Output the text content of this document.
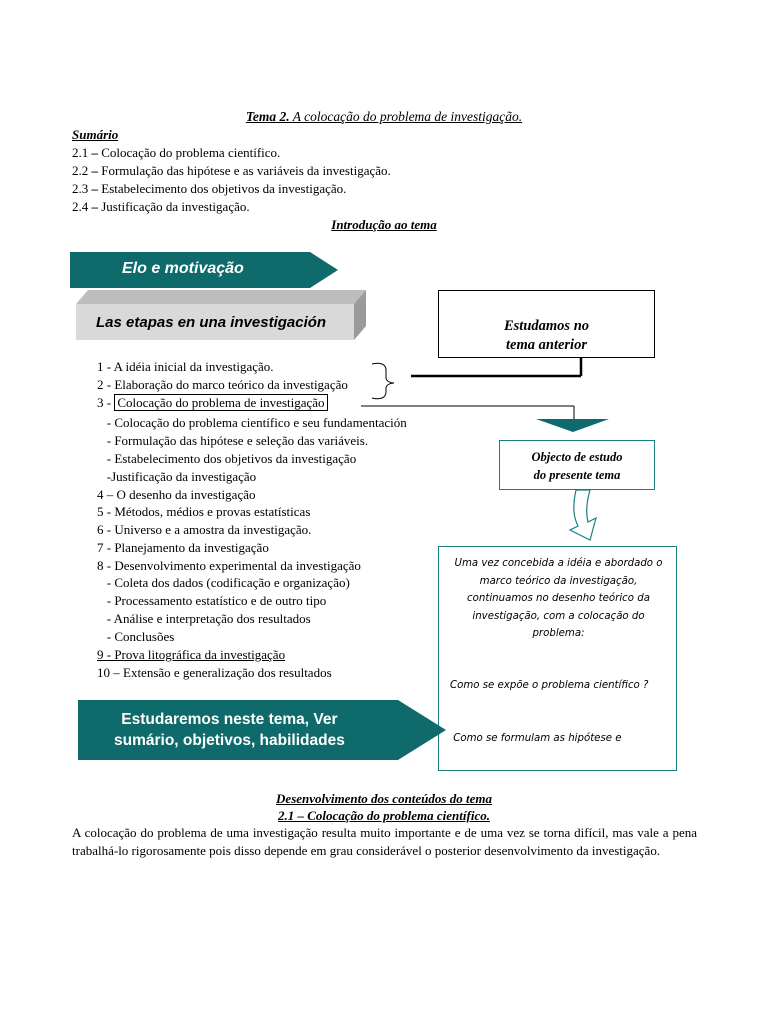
Tema 2. A colocação do problema de investigação.
Sumário
2.1 – Colocação do problema científico.
2.2 – Formulação das hipótese e as variáveis da investigação.
2.3 – Estabelecimento dos objetivos da investigação.
2.4 – Justificação da investigação.
Introdução ao tema
Elo e motivação
Las etapas en una investigación	Estudamos no
tema anterior
Objecto de estudo
do presente tema
1 - A idéia inicial da investigação.
2 - Elaboração do marco teórico da investigação
3 - Colocação do problema de investigação
- Colocação do problema científico e seu fundamentación
- Formulação das hipótese e seleção das variáveis.
- Estabelecimento dos objetivos da investigação
-Justificação da investigação
4 – O desenho da investigação
5 - Métodos, médios e provas estatísticas
6 - Universo e a amostra da investigação.
7 - Planejamento da investigação
8 - Desenvolvimento experimental da investigação
- Coleta dos dados (codificação e organização)
- Processamento estatístico e de outro tipo
- Análise e interpretação dos resultados
- Conclusões
9 - Prova litográfica da investigação
10 – Extensão e generalização dos resultados
Uma vez concebida a idéia e abordado o
marco teórico da investigação,
continuamos no desenho teórico da
investigação, com a colocação do
problema:

Como se expõe o problema científico ?

Como se formulam as hipótese e

Estudaremos neste tema, Ver
sumário, objetivos, habilidades
Desenvolvimento dos conteúdos do tema
2.1 – Colocação do problema científico.
A colocação do problema de uma investigação resulta muito importante e de uma vez se torna difícil, mas vale a pena trabalhá-lo rigorosamente pois disso depende em grau considerável o posterior desenvolvimento da investigação.
